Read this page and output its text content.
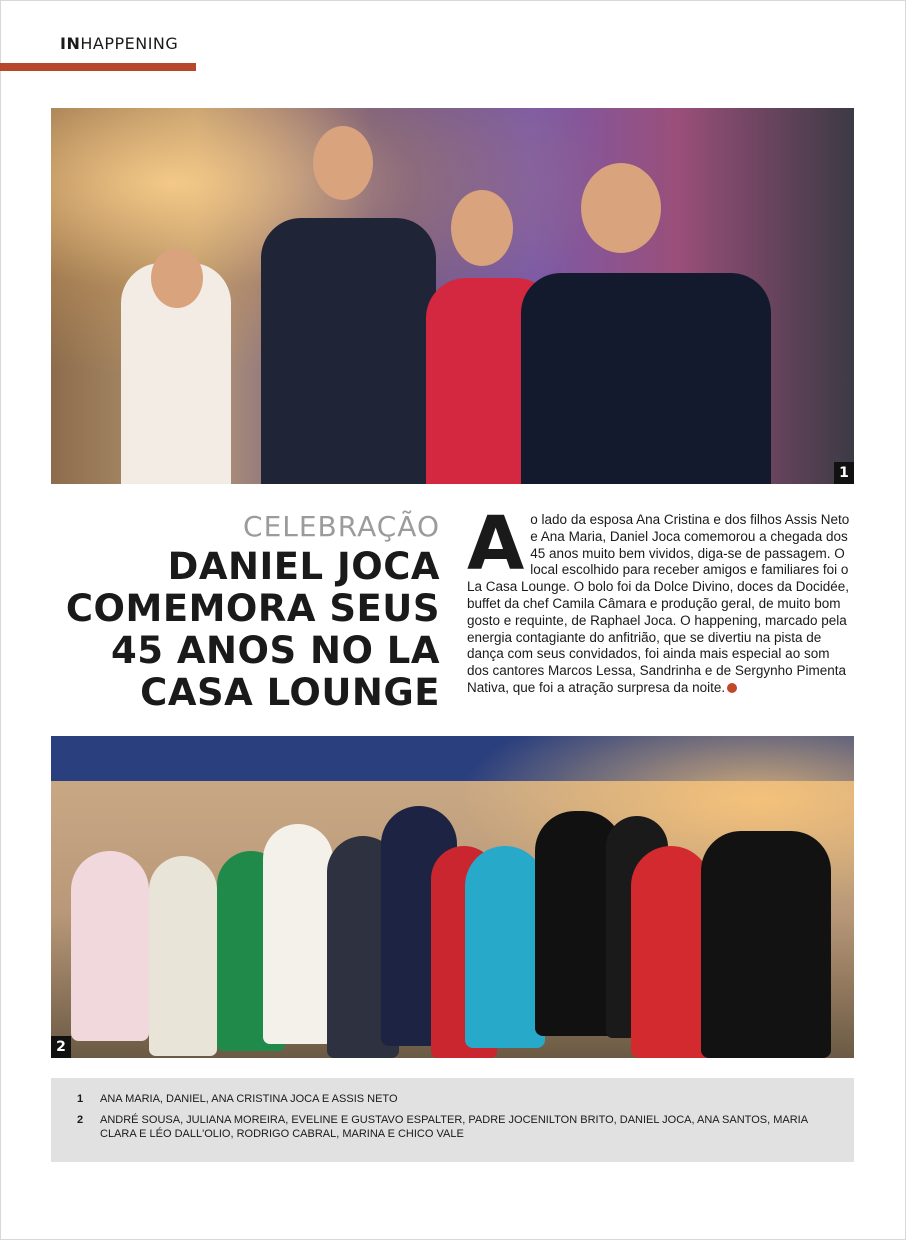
INHAPPENING
1
CELEBRAÇÃO
DANIEL JOCA COMEMORA SEUS 45 ANOS NO LA CASA LOUNGE
Ao lado da esposa Ana Cristina e dos filhos Assis Neto e Ana Maria, Daniel Joca comemorou a chegada dos 45 anos muito bem vividos, diga-se de passagem. O local escolhido para receber amigos e familiares foi o La Casa Lounge. O bolo foi da Dolce Divino, doces da Docidée, buffet da chef Camila Câmara e produção geral, de muito bom gosto e requinte, de Raphael Joca. O happening, marcado pela energia contagiante do anfitrião, que se divertiu na pista de dança com seus convidados, foi ainda mais especial ao som dos cantores Marcos Lessa, Sandrinha e de Sergynho Pimenta Nativa, que foi a atração surpresa da noite.
2
1	ANA MARIA, DANIEL, ANA CRISTINA JOCA E ASSIS NETO
2	ANDRÉ SOUSA, JULIANA MOREIRA, EVELINE E GUSTAVO ESPALTER, PADRE JOCENILTON BRITO, DANIEL JOCA, ANA SANTOS, MARIA CLARA E LÉO DALL'OLIO, RODRIGO CABRAL, MARINA E CHICO VALE
